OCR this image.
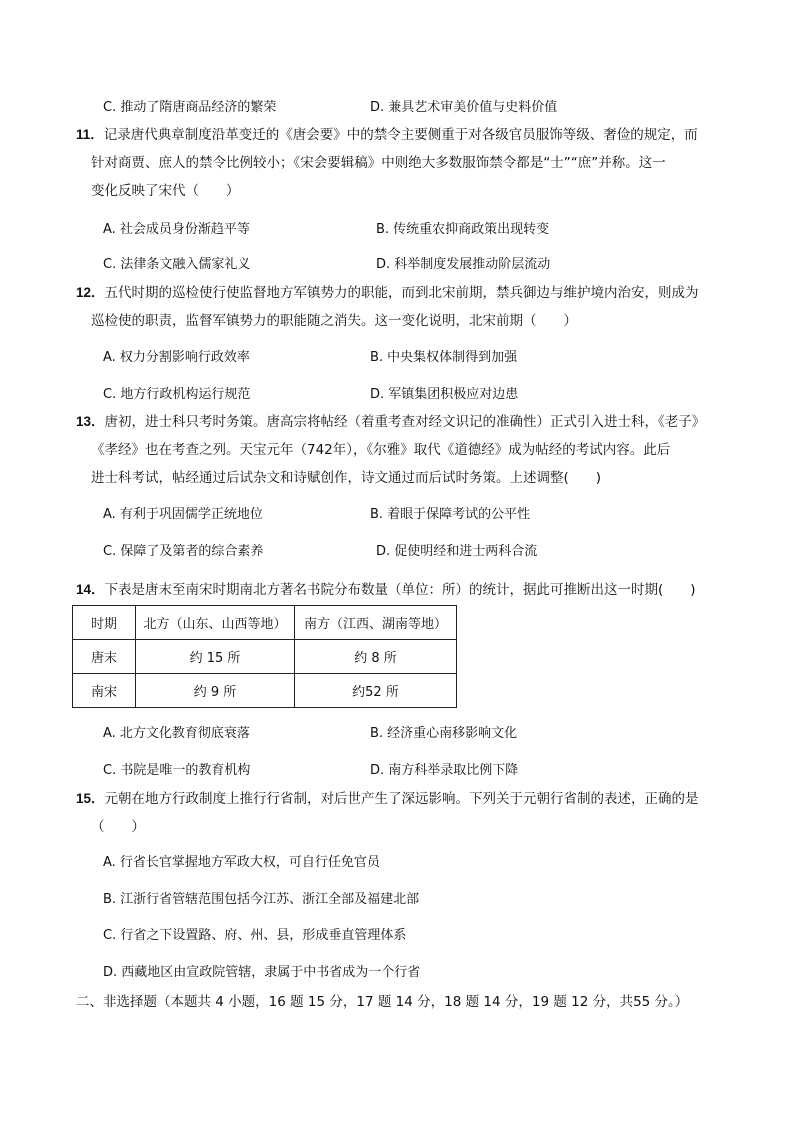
C. 推动了隋唐商品经济的繁荣	D. 兼具艺术审美价值与史料价值
11．记录唐代典章制度沿革变迁的《唐会要》中的禁令主要侧重于对各级官员服饰等级、奢俭的规定，而
针对商贾、庶人的禁令比例较小；《宋会要辑稿》中则绝大多数服饰禁令都是“士”“庶”并称。这一
变化反映了宋代（　　）
A. 社会成员身份渐趋平等	B. 传统重农抑商政策出现转变
C. 法律条文融入儒家礼义	D. 科举制度发展推动阶层流动
12．五代时期的巡检使行使监督地方军镇势力的职能，而到北宋前期，禁兵御边与维护境内治安，则成为
巡检使的职责，监督军镇势力的职能随之消失。这一变化说明，北宋前期（　　）
A. 权力分割影响行政效率	B. 中央集权体制得到加强
C. 地方行政机构运行规范	D. 军镇集团积极应对边患
13．唐初，进士科只考时务策。唐高宗将帖经（着重考查对经文识记的准确性）正式引入进士科，《老子》
《孝经》也在考查之列。天宝元年（742年），《尔雅》取代《道德经》成为帖经的考试内容。此后
进士科考试，帖经通过后试杂文和诗赋创作，诗文通过而后试时务策。上述调整(　　)
A. 有利于巩固儒学正统地位	B. 着眼于保障考试的公平性
C. 保障了及第者的综合素养	D. 促使明经和进士两科合流
14．下表是唐末至南宋时期南北方著名书院分布数量（单位：所）的统计，据此可推断出这一时期(　　)
时期	北方（山东、山西等地）	南方（江西、湖南等地）
唐末	约 15 所	约 8 所
南宋	约 9 所	约52 所
A. 北方文化教育彻底衰落	B. 经济重心南移影响文化
C. 书院是唯一的教育机构	D. 南方科举录取比例下降
15．元朝在地方行政制度上推行行省制，对后世产生了深远影响。下列关于元朝行省制的表述，正确的是
（　　）
A. 行省长官掌握地方军政大权，可自行任免官员
B. 江浙行省管辖范围包括今江苏、浙江全部及福建北部
C. 行省之下设置路、府、州、县，形成垂直管理体系
D. 西藏地区由宣政院管辖，隶属于中书省成为一个行省
二、非选择题（本题共 4 小题，16 题 15 分，17 题 14 分，18 题 14 分，19 题 12 分，共55 分。）
